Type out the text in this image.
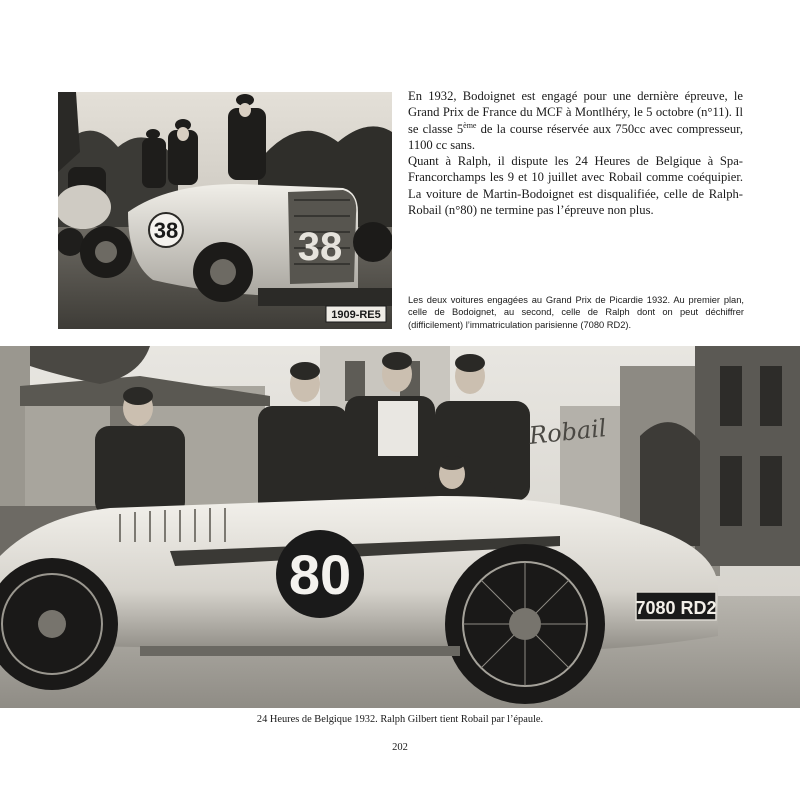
38
38
1909-RE5

En 1932, Bodoignet est engagé pour une dernière épreuve, le Grand Prix de France du MCF à Montlhéry, le 5 octobre (n°11). Il se classe 5ème de la course réservée aux 750cc avec compresseur, 1100 cc sans.

Quant à Ralph, il dispute les 24 Heures de Belgique à Spa-Francorchamps les 9 et 10 juillet avec Robail comme coéquipier. La voiture de Martin-Bodoignet est disqualifiée, celle de Ralph-Robail (n°80) ne termine pas l’épreuve non plus.

Les deux voitures engagées au Grand Prix de Picardie 1932. Au premier plan, celle de Bodoignet, au second, celle de Ralph dont on peut déchiffrer (difficilement) l’immatriculation parisienne (7080 RD2).
Robail
80
7080 RD2
24 Heures de Belgique 1932. Ralph Gilbert tient Robail par l’épaule.
202
